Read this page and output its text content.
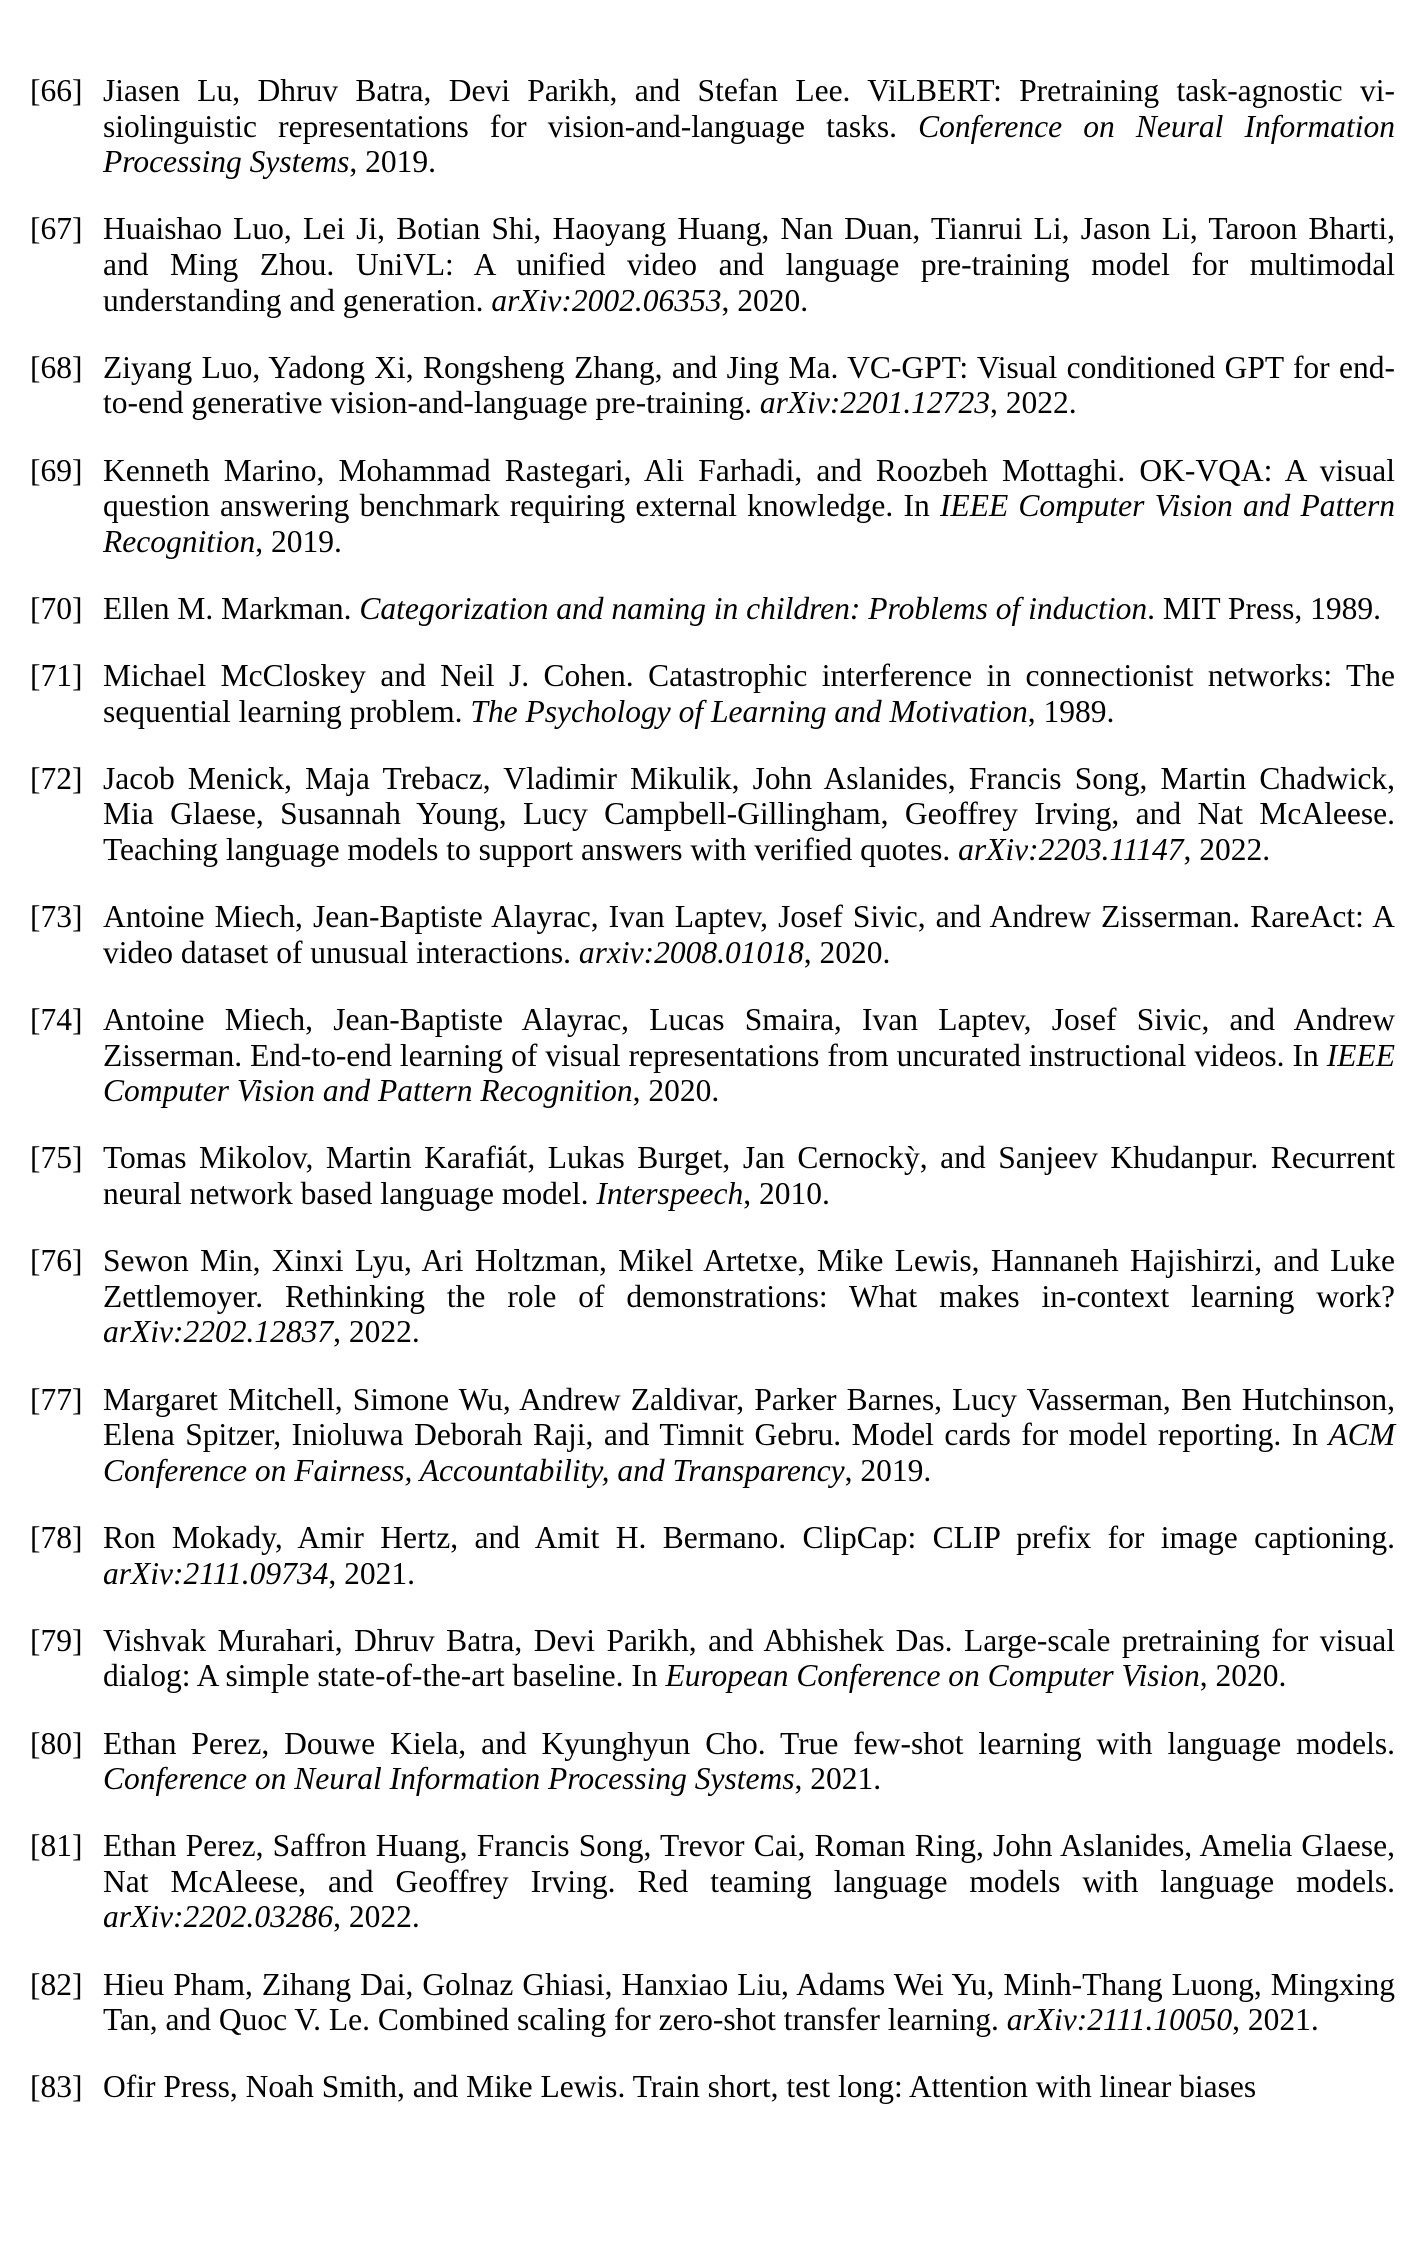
[66] Jiasen Lu, Dhruv Batra, Devi Parikh, and Stefan Lee. ViLBERT: Pretraining task-agnostic visiolinguistic representations for vision-and-language tasks. Conference on Neural Information Processing Systems, 2019.
[67] Huaishao Luo, Lei Ji, Botian Shi, Haoyang Huang, Nan Duan, Tianrui Li, Jason Li, Taroon Bharti, and Ming Zhou. UniVL: A unified video and language pre-training model for multimodal understanding and generation. arXiv:2002.06353, 2020.
[68] Ziyang Luo, Yadong Xi, Rongsheng Zhang, and Jing Ma. VC-GPT: Visual conditioned GPT for end-to-end generative vision-and-language pre-training. arXiv:2201.12723, 2022.
[69] Kenneth Marino, Mohammad Rastegari, Ali Farhadi, and Roozbeh Mottaghi. OK-VQA: A visual question answering benchmark requiring external knowledge. In IEEE Computer Vision and Pattern Recognition, 2019.
[70] Ellen M. Markman. Categorization and naming in children: Problems of induction. MIT Press, 1989.
[71] Michael McCloskey and Neil J. Cohen. Catastrophic interference in connectionist networks: The sequential learning problem. The Psychology of Learning and Motivation, 1989.
[72] Jacob Menick, Maja Trebacz, Vladimir Mikulik, John Aslanides, Francis Song, Martin Chadwick, Mia Glaese, Susannah Young, Lucy Campbell-Gillingham, Geoffrey Irving, and Nat McAleese. Teaching language models to support answers with verified quotes. arXiv:2203.11147, 2022.
[73] Antoine Miech, Jean-Baptiste Alayrac, Ivan Laptev, Josef Sivic, and Andrew Zisserman. RareAct: A video dataset of unusual interactions. arxiv:2008.01018, 2020.
[74] Antoine Miech, Jean-Baptiste Alayrac, Lucas Smaira, Ivan Laptev, Josef Sivic, and Andrew Zisserman. End-to-end learning of visual representations from uncurated instructional videos. In IEEE Computer Vision and Pattern Recognition, 2020.
[75] Tomas Mikolov, Martin Karafiát, Lukas Burget, Jan Cernockỳ, and Sanjeev Khudanpur. Recurrent neural network based language model. Interspeech, 2010.
[76] Sewon Min, Xinxi Lyu, Ari Holtzman, Mikel Artetxe, Mike Lewis, Hannaneh Hajishirzi, and Luke Zettlemoyer. Rethinking the role of demonstrations: What makes in-context learning work? arXiv:2202.12837, 2022.
[77] Margaret Mitchell, Simone Wu, Andrew Zaldivar, Parker Barnes, Lucy Vasserman, Ben Hutchinson, Elena Spitzer, Inioluwa Deborah Raji, and Timnit Gebru. Model cards for model reporting. In ACM Conference on Fairness, Accountability, and Transparency, 2019.
[78] Ron Mokady, Amir Hertz, and Amit H. Bermano. ClipCap: CLIP prefix for image captioning. arXiv:2111.09734, 2021.
[79] Vishvak Murahari, Dhruv Batra, Devi Parikh, and Abhishek Das. Large-scale pretraining for visual dialog: A simple state-of-the-art baseline. In European Conference on Computer Vision, 2020.
[80] Ethan Perez, Douwe Kiela, and Kyunghyun Cho. True few-shot learning with language models. Conference on Neural Information Processing Systems, 2021.
[81] Ethan Perez, Saffron Huang, Francis Song, Trevor Cai, Roman Ring, John Aslanides, Amelia Glaese, Nat McAleese, and Geoffrey Irving. Red teaming language models with language models. arXiv:2202.03286, 2022.
[82] Hieu Pham, Zihang Dai, Golnaz Ghiasi, Hanxiao Liu, Adams Wei Yu, Minh-Thang Luong, Mingxing Tan, and Quoc V. Le. Combined scaling for zero-shot transfer learning. arXiv:2111.10050, 2021.
[83] Ofir Press, Noah Smith, and Mike Lewis. Train short, test long: Attention with linear biases
